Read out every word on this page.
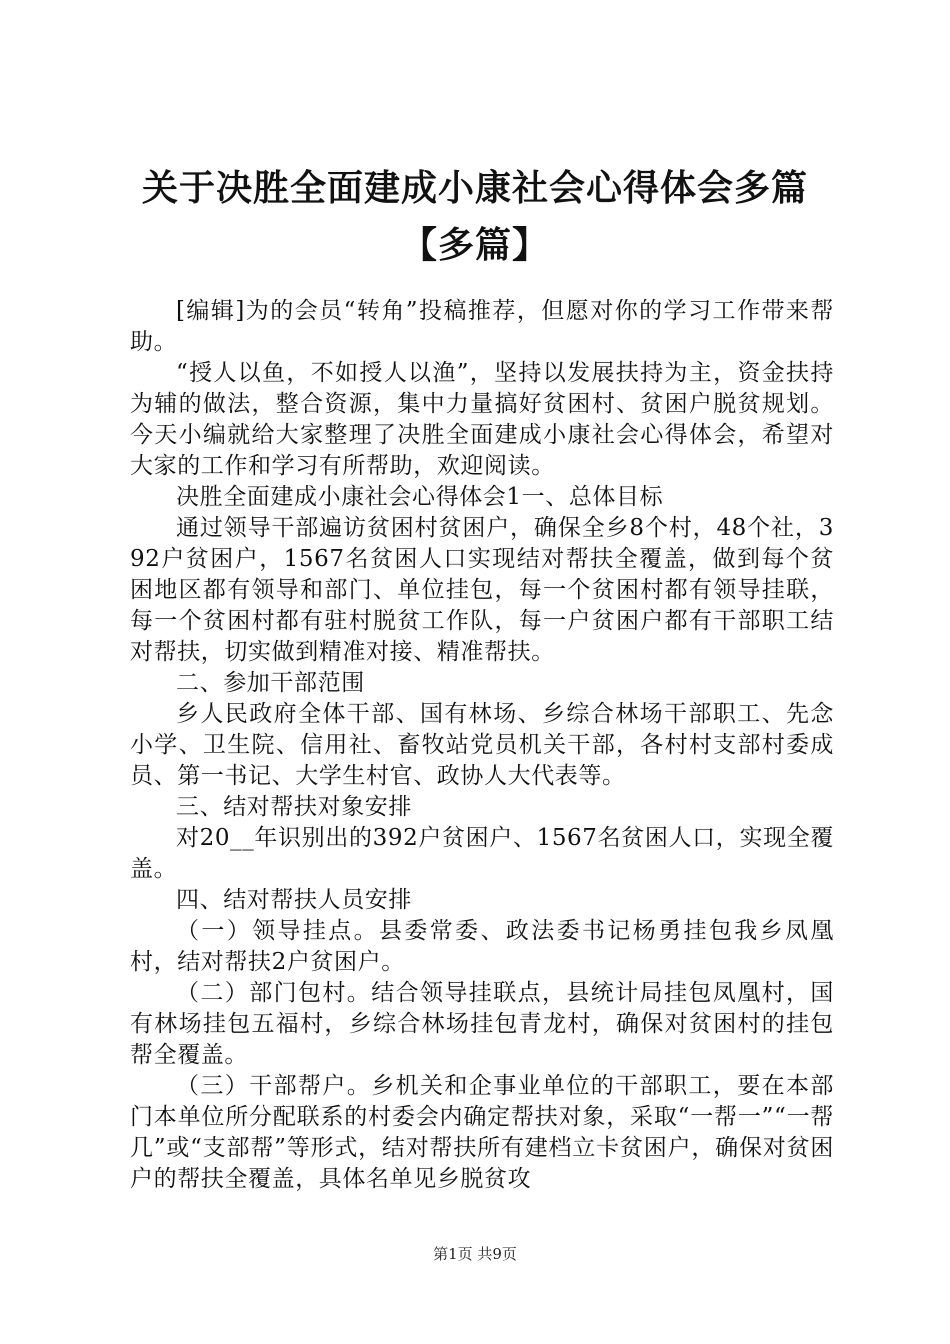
关于决胜全面建成小康社会心得体会多篇【多篇】

[编辑]为的会员“转角”投稿推荐，但愿对你的学习工作带来帮助。

“授人以鱼，不如授人以渔”，坚持以发展扶持为主，资金扶持为辅的做法，整合资源，集中力量搞好贫困村、贫困户脱贫规划。今天小编就给大家整理了决胜全面建成小康社会心得体会，希望对大家的工作和学习有所帮助，欢迎阅读。

决胜全面建成小康社会心得体会1一、总体目标

通过领导干部遍访贫困村贫困户，确保全乡8个村，48个社，392户贫困户，1567名贫困人口实现结对帮扶全覆盖，做到每个贫困地区都有领导和部门、单位挂包，每一个贫困村都有领导挂联，每一个贫困村都有驻村脱贫工作队，每一户贫困户都有干部职工结对帮扶，切实做到精准对接、精准帮扶。

二、参加干部范围

乡人民政府全体干部、国有林场、乡综合林场干部职工、先念小学、卫生院、信用社、畜牧站党员机关干部，各村村支部村委成员、第一书记、大学生村官、政协人大代表等。

三、结对帮扶对象安排

对20__年识别出的392户贫困户、1567名贫困人口，实现全覆盖。

四、结对帮扶人员安排

（一）领导挂点。县委常委、政法委书记杨勇挂包我乡凤凰村，结对帮扶2户贫困户。

（二）部门包村。结合领导挂联点，县统计局挂包凤凰村，国有林场挂包五福村，乡综合林场挂包青龙村，确保对贫困村的挂包帮全覆盖。

（三）干部帮户。乡机关和企事业单位的干部职工，要在本部门本单位所分配联系的村委会内确定帮扶对象，采取“一帮一”“一帮几”或“支部帮”等形式，结对帮扶所有建档立卡贫困户，确保对贫困户的帮扶全覆盖，具体名单见乡脱贫攻

第1页 共9页
